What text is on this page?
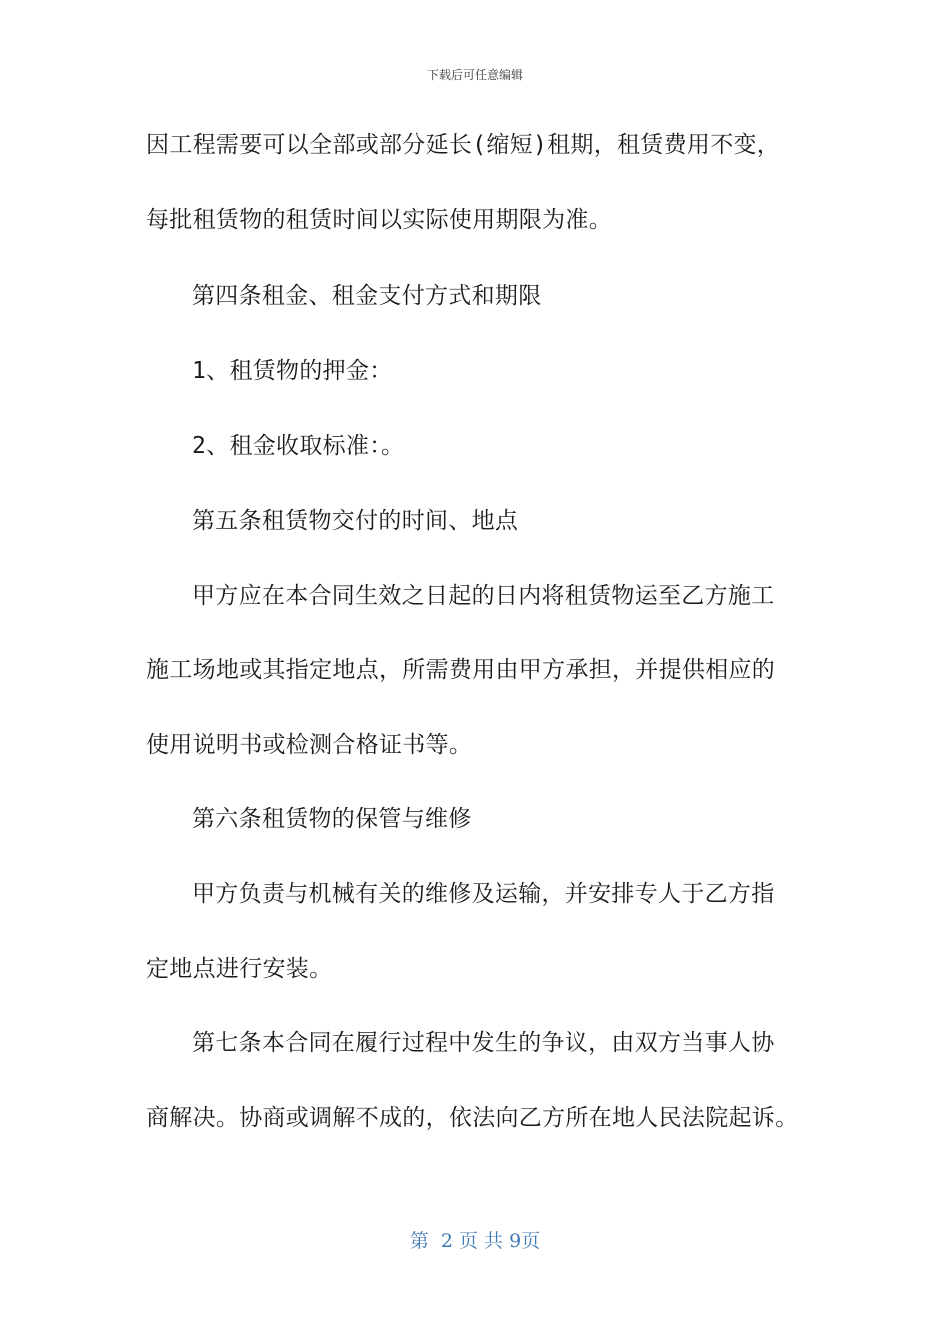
下载后可任意编辑
因工程需要可以全部或部分延长(缩短)租期，租赁费用不变，
每批租赁物的租赁时间以实际使用期限为准。
第四条租金、租金支付方式和期限
1、租赁物的押金：
2、租金收取标准：。
第五条租赁物交付的时间、地点
甲方应在本合同生效之日起的日内将租赁物运至乙方施工
施工场地或其指定地点，所需费用由甲方承担，并提供相应的
使用说明书或检测合格证书等。
第六条租赁物的保管与维修
甲方负责与机械有关的维修及运输，并安排专人于乙方指
定地点进行安装。
第七条本合同在履行过程中发生的争议，由双方当事人协
商解决。协商或调解不成的，依法向乙方所在地人民法院起诉。
第  2 页 共 9页
